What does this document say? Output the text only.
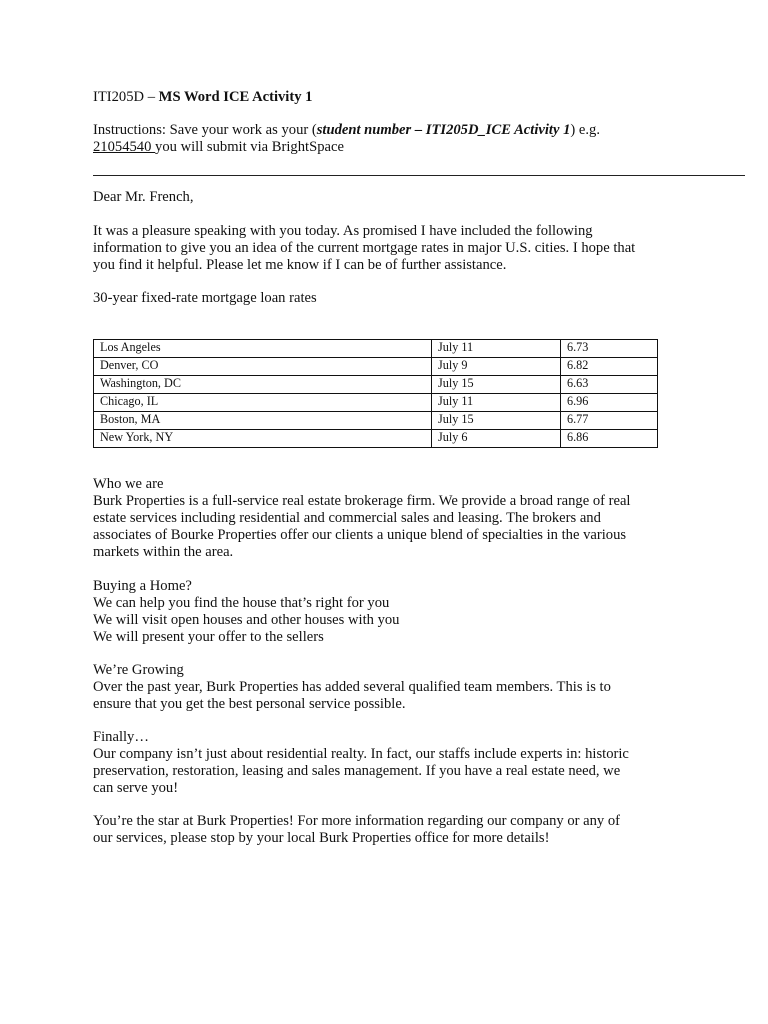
ITI205D – MS Word ICE Activity 1
Instructions: Save your work as your (student number – ITI205D_ICE Activity 1) e.g.
21054540 you will submit via BrightSpace
Dear Mr. French,
It was a pleasure speaking with you today. As promised I have included the following
information to give you an idea of the current mortgage rates in major U.S. cities. I hope that
you find it helpful. Please let me know if I can be of further assistance.
30-year fixed-rate mortgage loan rates
Los Angeles	July 11	6.73
Denver, CO	July 9	6.82
Washington, DC	July 15	6.63
Chicago, IL	July 11	6.96
Boston, MA	July 15	6.77
New York, NY	July 6	6.86
Who we are
Burk Properties is a full-service real estate brokerage firm. We provide a broad range of real
estate services including residential and commercial sales and leasing. The brokers and
associates of Bourke Properties offer our clients a unique blend of specialties in the various
markets within the area.
Buying a Home?
We can help you find the house that’s right for you
We will visit open houses and other houses with you
We will present your offer to the sellers
We’re Growing
Over the past year, Burk Properties has added several qualified team members. This is to
ensure that you get the best personal service possible.
Finally…
Our company isn’t just about residential realty. In fact, our staffs include experts in: historic
preservation, restoration, leasing and sales management. If you have a real estate need, we
can serve you!
You’re the star at Burk Properties! For more information regarding our company or any of
our services, please stop by your local Burk Properties office for more details!
